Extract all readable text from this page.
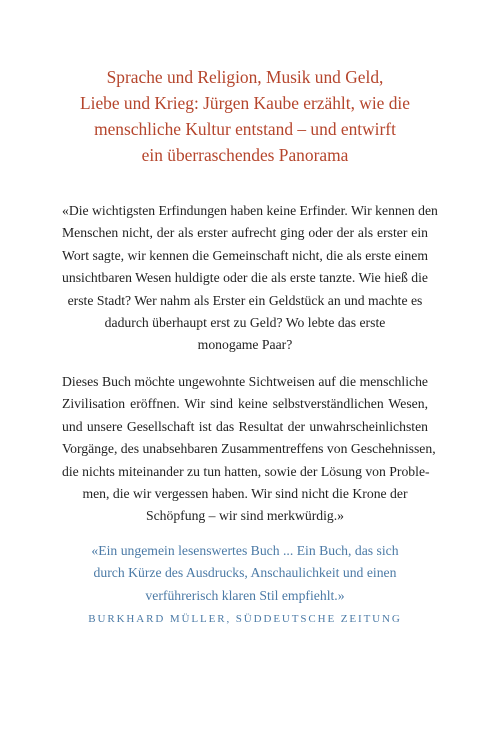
Sprache und Religion, Musik und Geld,
Liebe und Krieg: Jürgen Kaube erzählt, wie die
menschliche Kultur entstand – und entwirft
ein überraschendes Panorama
«Die wichtigsten Erfindungen haben keine Erfinder. Wir kennen den
Menschen nicht, der als erster aufrecht ging oder der als erster ein
Wort sagte, wir kennen die Gemeinschaft nicht, die als erste einem
unsichtbaren Wesen huldigte oder die als erste tanzte. Wie hieß die
erste Stadt? Wer nahm als Erster ein Geldstück an und machte es
dadurch überhaupt erst zu Geld? Wo lebte das erste
monogame Paar?
Dieses Buch möchte ungewohnte Sichtweisen auf die menschliche
Zivilisation eröffnen. Wir sind keine selbstverständlichen Wesen,
und unsere Gesellschaft ist das Resultat der unwahrscheinlichsten
Vorgänge, des unabsehbaren Zusammentreffens von Geschehnissen,
die nichts miteinander zu tun hatten, sowie der Lösung von Proble-
men, die wir vergessen haben. Wir sind nicht die Krone der
Schöpfung – wir sind merkwürdig.»
«Ein ungemein lesenswertes Buch ... Ein Buch, das sich
durch Kürze des Ausdrucks, Anschaulichkeit und einen
verführerisch klaren Stil empfiehlt.»
BURKHARD MÜLLER, SÜDDEUTSCHE ZEITUNG
